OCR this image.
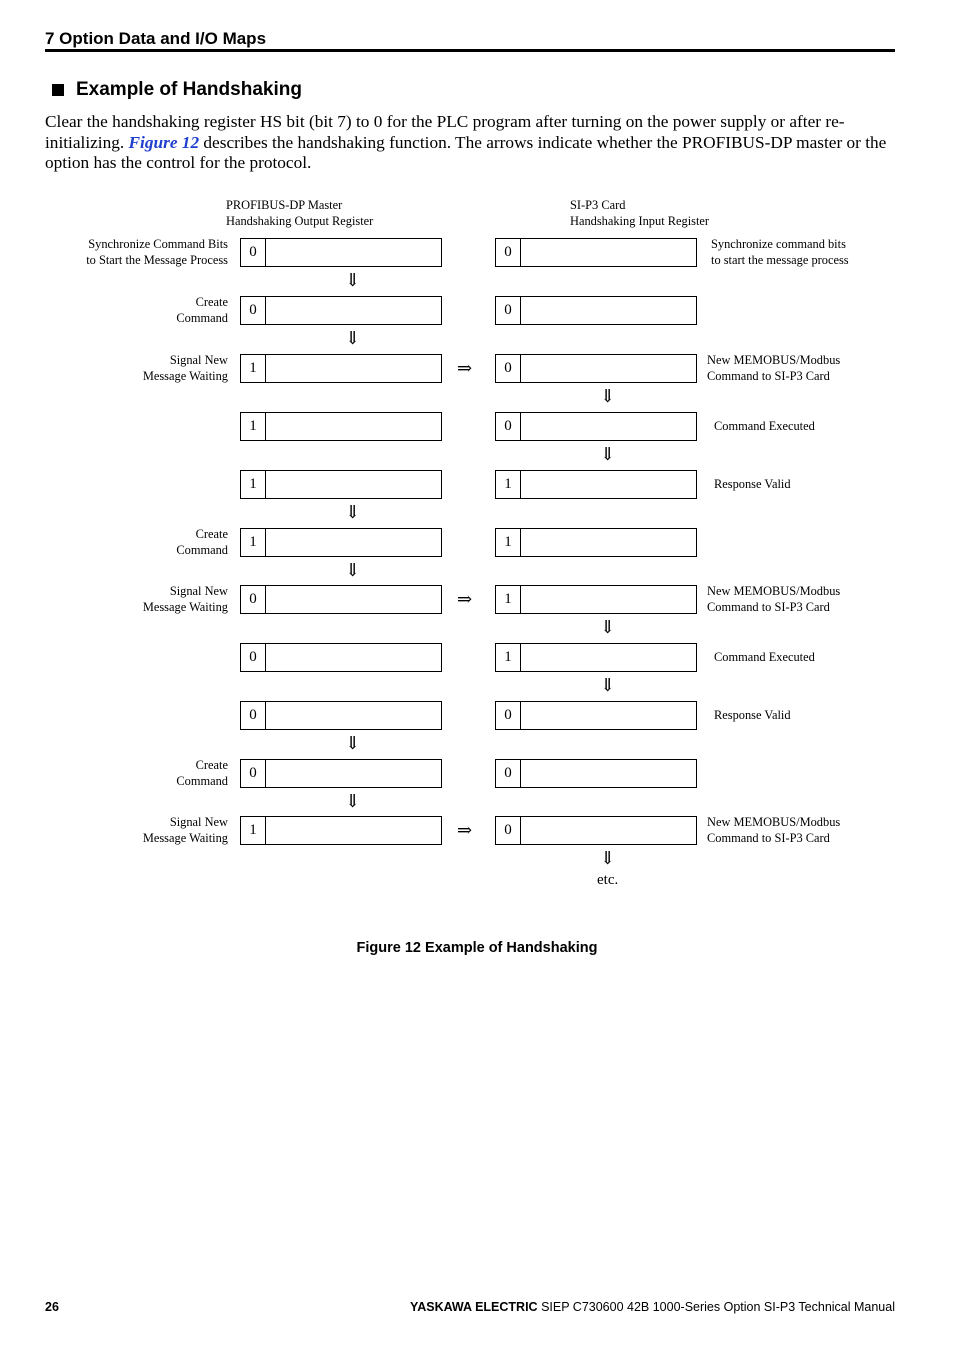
7 Option Data and I/O Maps
Example of Handshaking
Clear the handshaking register HS bit (bit 7) to 0 for the PLC program after turning on the power supply or after re-initializing. Figure 12 describes the handshaking function. The arrows indicate whether the PROFIBUS-DP master or the option has the control for the protocol.
PROFIBUS-DP Master
Handshaking Output Register
SI-P3 Card
Handshaking Input Register
Synchronize Command Bits
to Start the Message Process	0	0	Synchronize command bits
to start the message process
⇓
Create
Command	0	0
⇓
Signal New
Message Waiting	1	0
⇒	New MEMOBUS/Modbus
Command to SI-P3 Card
⇓
1	0	Command Executed
⇓
1	1	Response Valid
⇓
Create
Command	1	1
⇓
Signal New
Message Waiting	0	1
⇒	New MEMOBUS/Modbus
Command to SI-P3 Card
⇓
0	1	Command Executed
⇓
0	0	Response Valid
⇓
Create
Command	0	0
⇓
Signal New
Message Waiting	1	0
⇒	New MEMOBUS/Modbus
Command to SI-P3 Card
⇓
etc.
Figure 12 Example of Handshaking
26	YASKAWA ELECTRIC SIEP C730600 42B 1000-Series Option SI-P3 Technical Manual
